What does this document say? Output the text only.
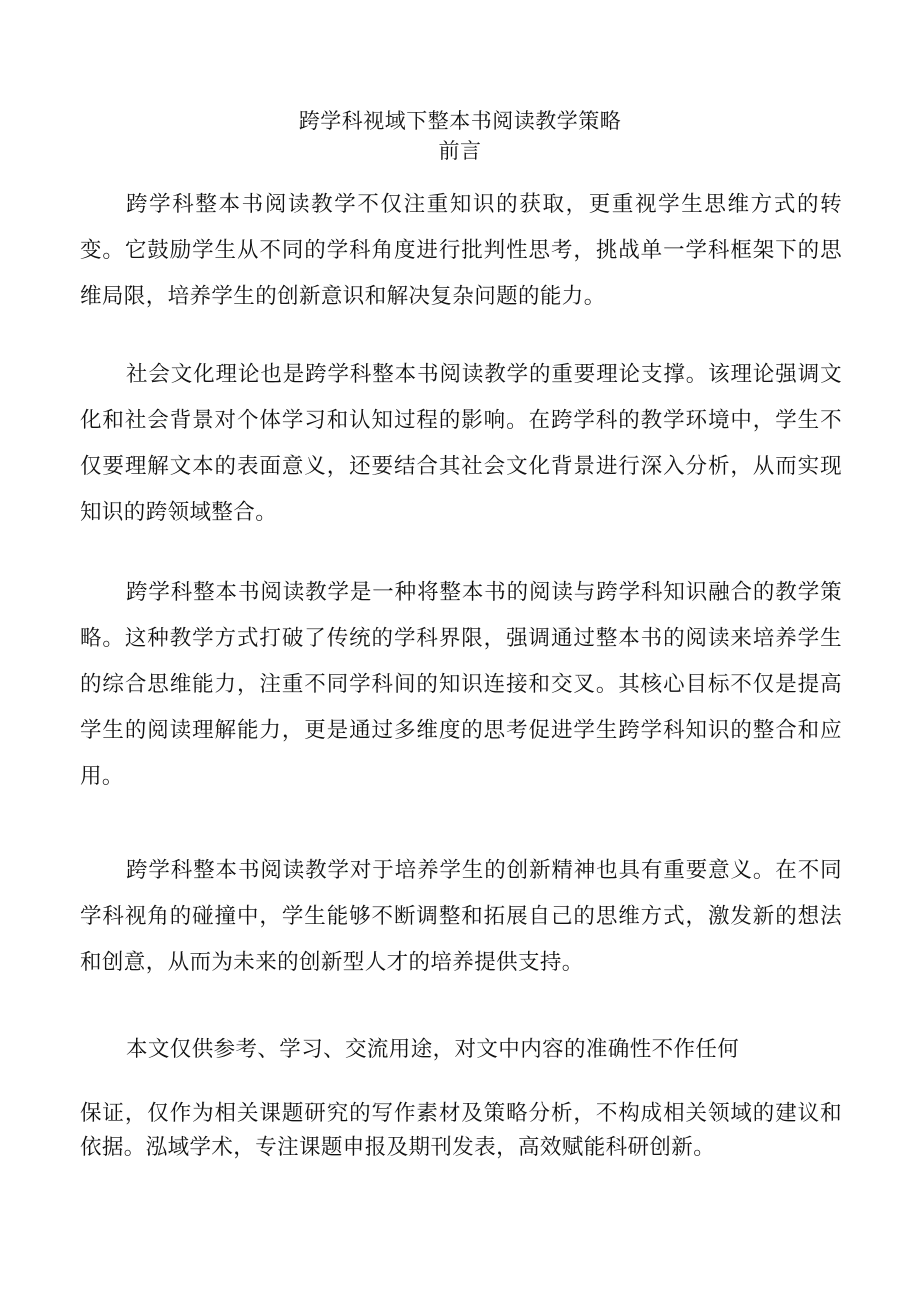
跨学科视域下整本书阅读教学策略
前言

跨学科整本书阅读教学不仅注重知识的获取，更重视学生思维方式的转变。它鼓励学生从不同的学科角度进行批判性思考，挑战单一学科框架下的思维局限，培养学生的创新意识和解决复杂问题的能力。

社会文化理论也是跨学科整本书阅读教学的重要理论支撑。该理论强调文化和社会背景对个体学习和认知过程的影响。在跨学科的教学环境中，学生不仅要理解文本的表面意义，还要结合其社会文化背景进行深入分析，从而实现知识的跨领域整合。

跨学科整本书阅读教学是一种将整本书的阅读与跨学科知识融合的教学策略。这种教学方式打破了传统的学科界限，强调通过整本书的阅读来培养学生的综合思维能力，注重不同学科间的知识连接和交叉。其核心目标不仅是提高学生的阅读理解能力，更是通过多维度的思考促进学生跨学科知识的整合和应用。

跨学科整本书阅读教学对于培养学生的创新精神也具有重要意义。在不同学科视角的碰撞中，学生能够不断调整和拓展自己的思维方式，激发新的想法和创意，从而为未来的创新型人才的培养提供支持。

本文仅供参考、学习、交流用途，对文中内容的准确性不作任何

保证，仅作为相关课题研究的写作素材及策略分析，不构成相关领域的建议和依据。泓域学术，专注课题申报及期刊发表，高效赋能科研创新。
